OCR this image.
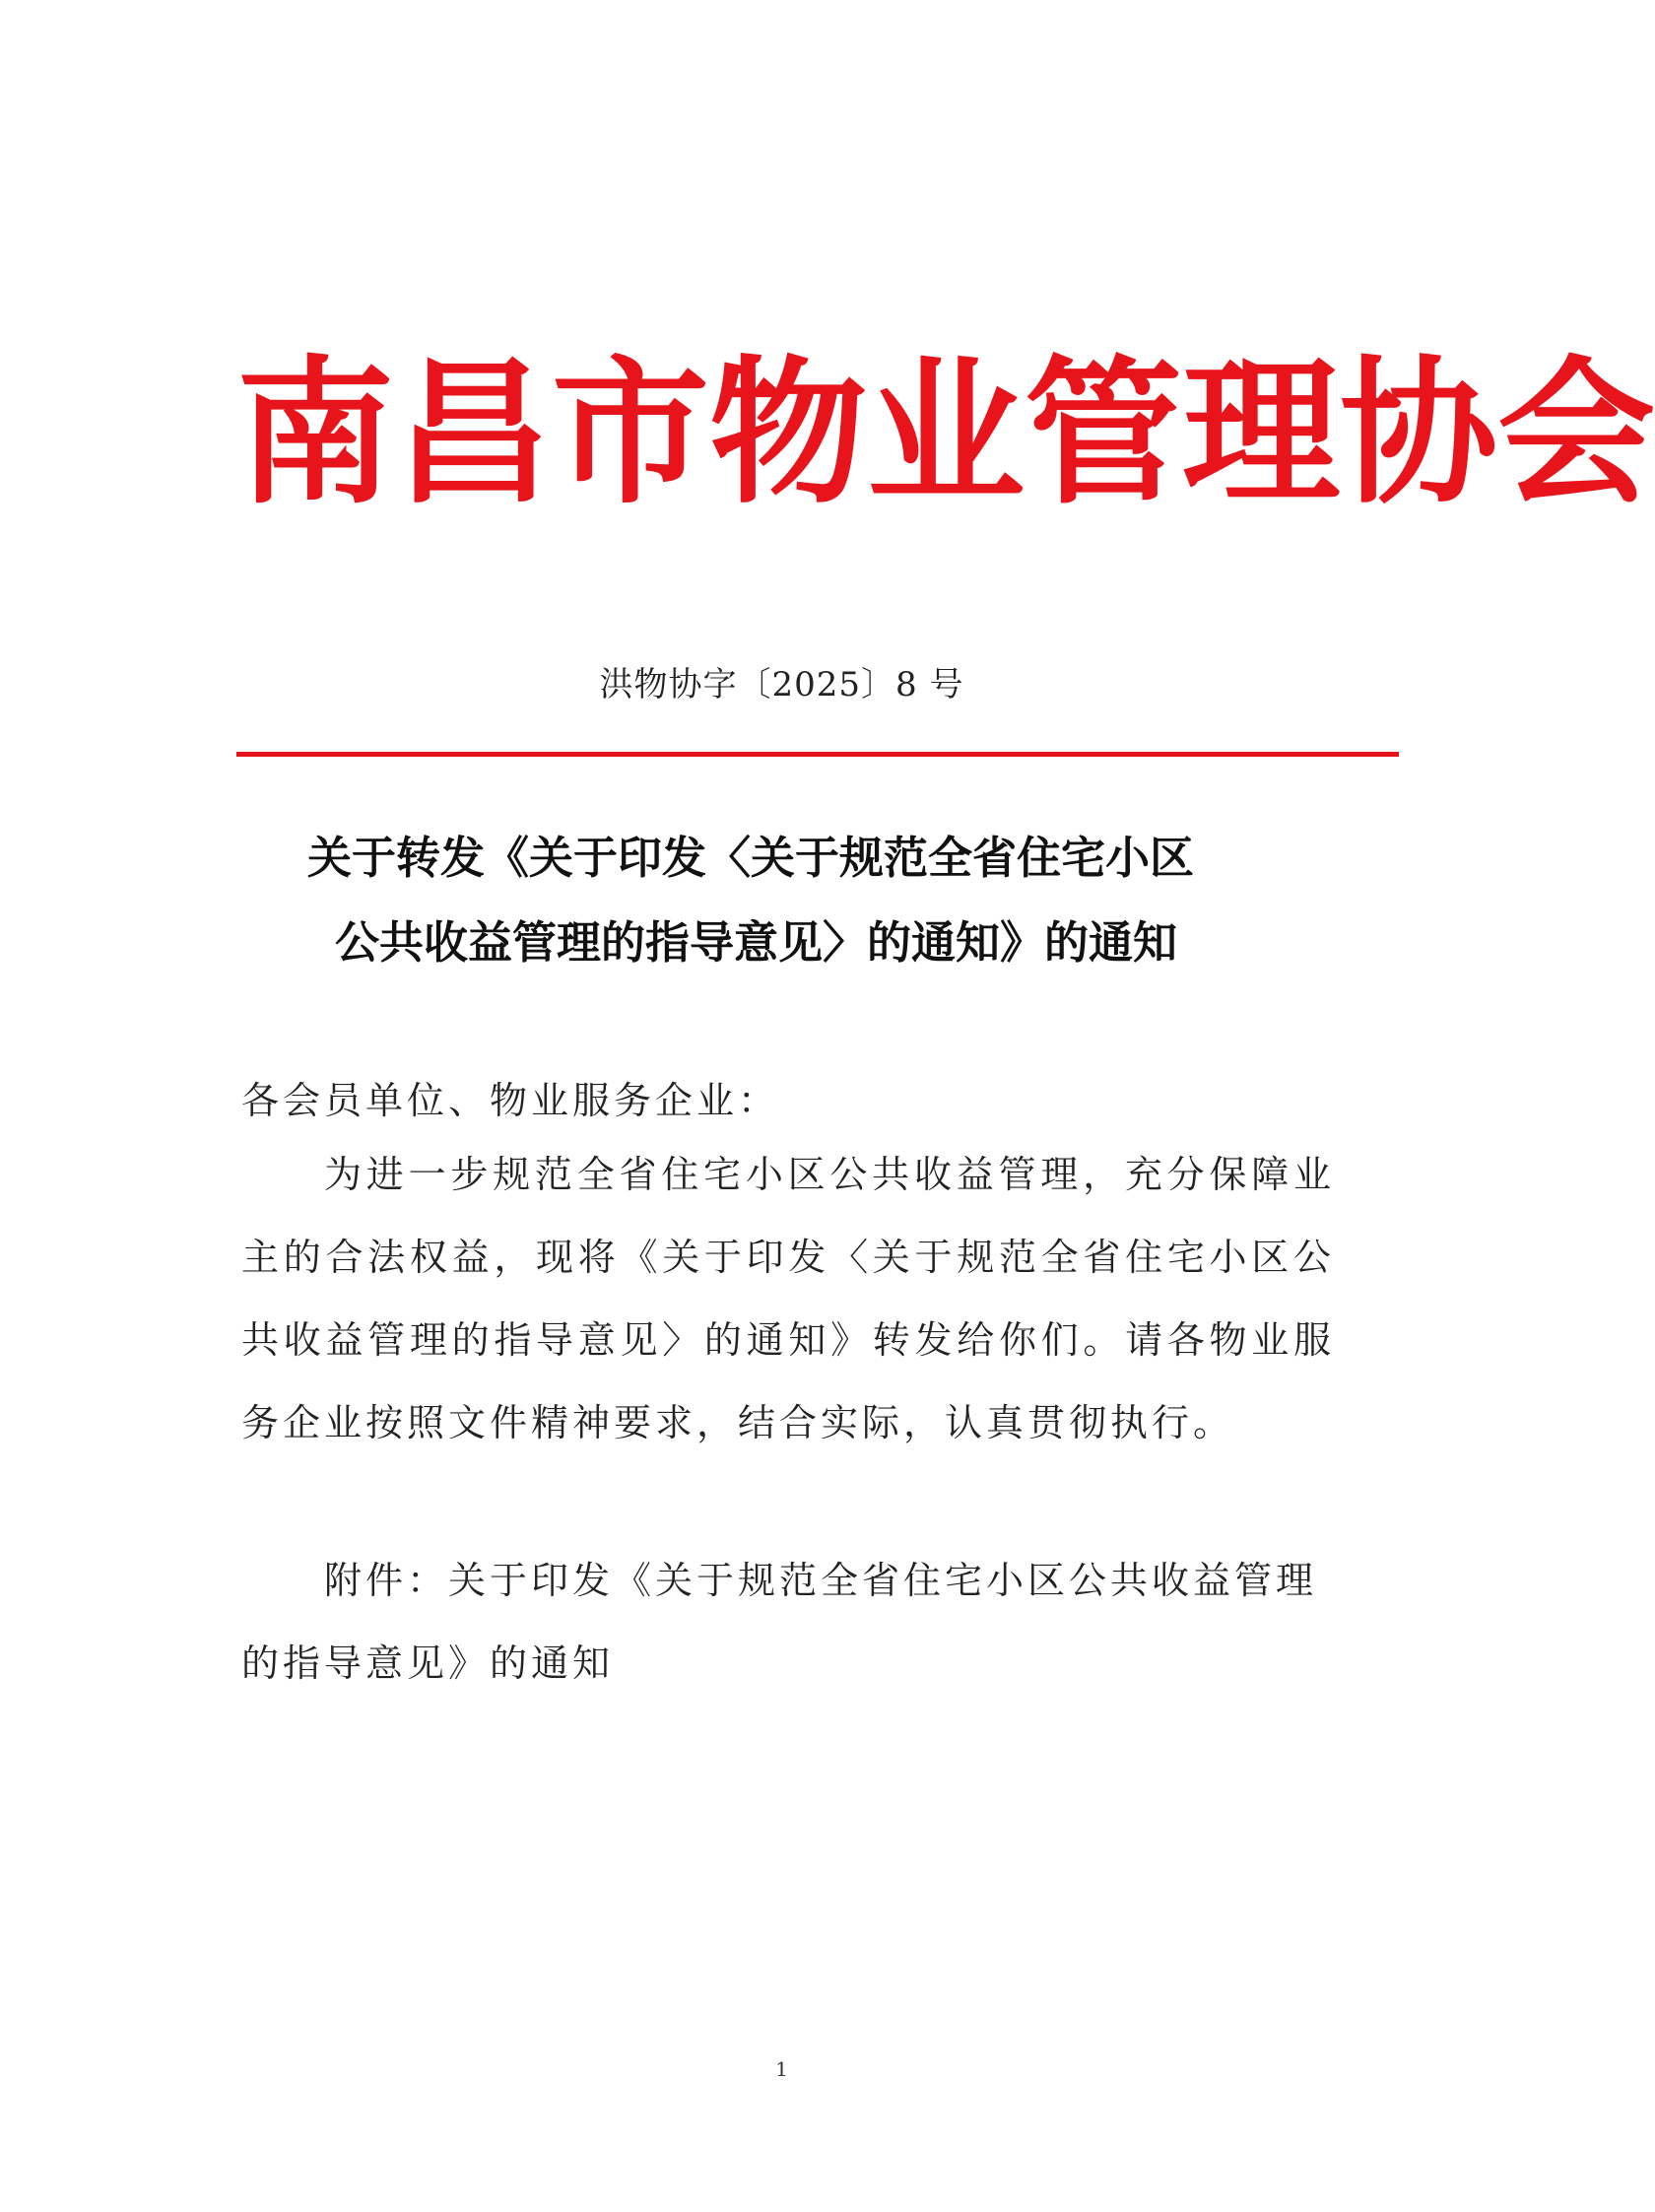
南 昌 市 物 业 管 理 协 会
洪物协字〔2025〕8 号
关于转发《关于印发〈关于规范全省住宅小区
公共收益管理的指导意见〉的通知》的通知
各会员单位、物业服务企业：
为进一步规范全省住宅小区公共收益管理，充分保障业主的合法权益，现将《关于印发〈关于规范全省住宅小区公共收益管理的指导意见〉的通知》转发给你们。请各物业服务企业按照文件精神要求，结合实际，认真贯彻执行。
附件：关于印发《关于规范全省住宅小区公共收益管理的指导意见》的通知
1
